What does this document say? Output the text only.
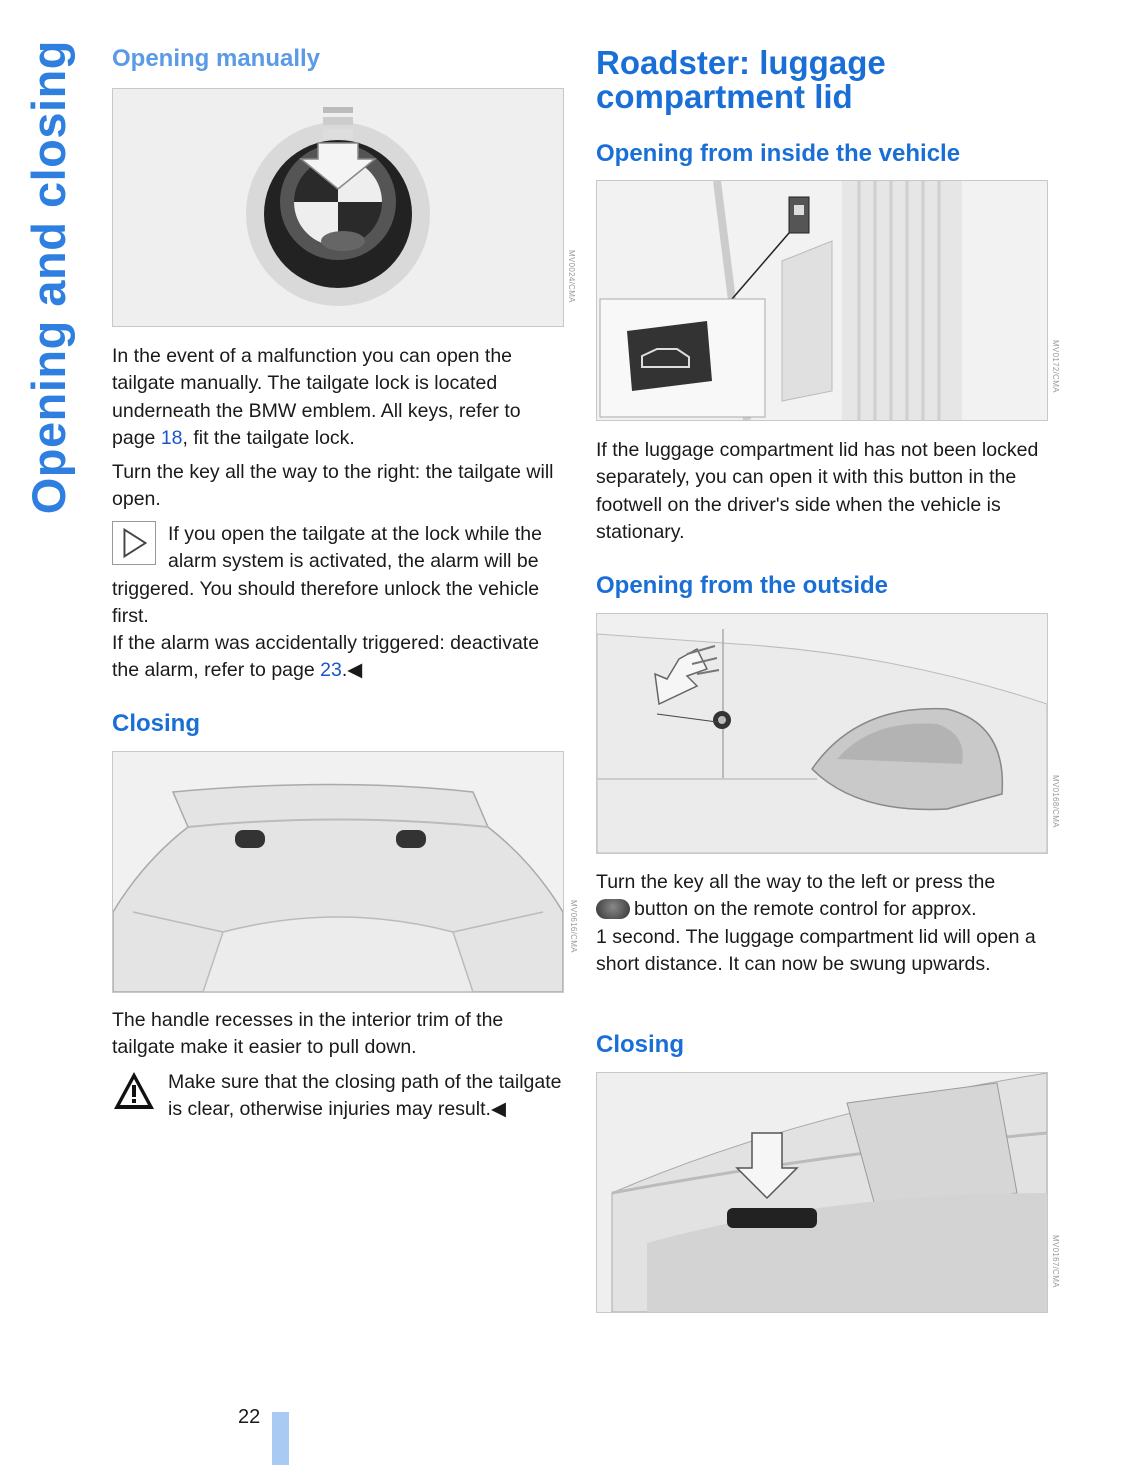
Opening and closing Opening manually
MV0024/CMA

In the event of a malfunction you can open the tailgate manually. The tailgate lock is located underneath the BMW emblem. All keys, refer to page 18, fit the tailgate lock.

Turn the key all the way to the right: the tailgate will open.

If you open the tailgate at the lock while the alarm system is activated, the alarm will be triggered. You should therefore unlock the vehicle first.
If the alarm was accidentally triggered: deactivate the alarm, refer to page 23.◀
Closing
MV0616/CMA

The handle recesses in the interior trim of the tailgate make it easier to pull down.

Make sure that the closing path of the tailgate is clear, otherwise injuries may result.◀
Roadster: luggage compartment lid
Opening from inside the vehicle
MV0172/CMA

If the luggage compartment lid has not been locked separately, you can open it with this button in the footwell on the driver's side when the vehicle is stationary.

Opening from the outside
MV0168/CMA

Turn the key all the way to the left or press the
button on the remote control for approx.
1 second. The luggage compartment lid will open a short distance. It can now be swung upwards.

Closing
MV0167/CMA
22
